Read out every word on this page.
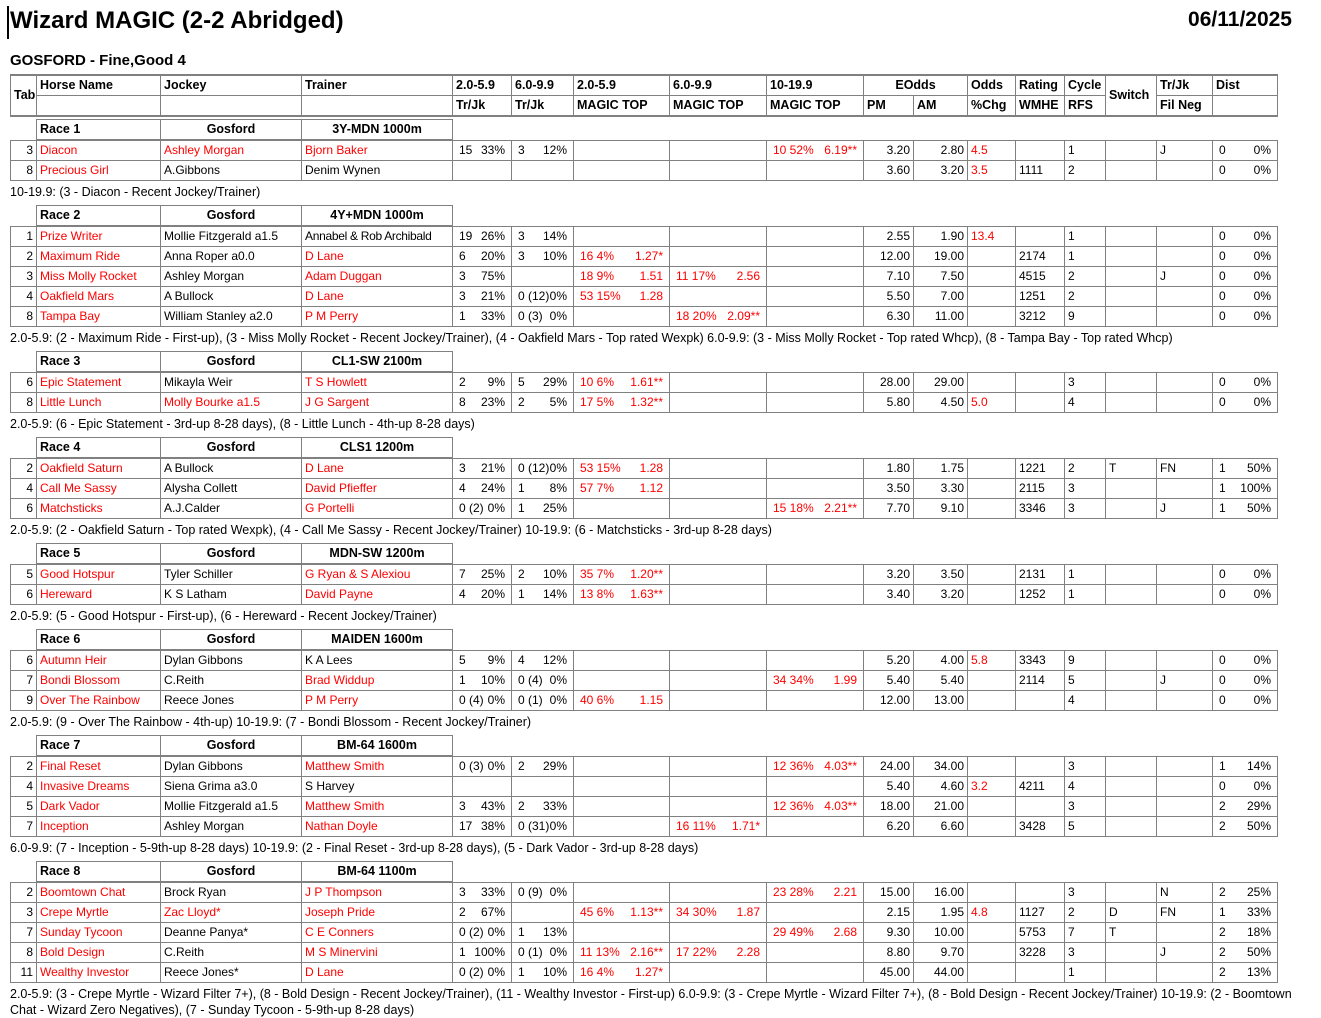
Wizard MAGIC (2-2 Abridged)	06/11/2025
GOSFORD - Fine,Good 4
Tab	Horse Name	Jockey	Trainer	2.0-5.9	6.0-9.9	2.0-5.9	6.0-9.9	10-19.9	EOdds		Odds	Rating	Cycle	Switch	Tr/Jk	Dist
				Tr/Jk	Tr/Jk	MAGIC TOP	MAGIC TOP	MAGIC TOP	PM	AM	%Chg	WMHE	RFS		Fil Neg	
	Race 1	Gosford	3Y-MDN 1000m													
3	Diacon	Ashley Morgan	Bjorn Baker	15 33%	3 12%			10 52% 6.19**	3.20	2.80	4.5		1		J	0 0%

8	Precious Girl	A.Gibbons	Denim Wynen						3.60	3.20	3.5	1111	2			0 0%
10-19.9: (3 - Diacon - Recent Jockey/Trainer)
	Race 2	Gosford	4Y+MDN 1000m													
1	Prize Writer	Mollie Fitzgerald a1.5	Annabel & Rob Archibald	19 26%	3 14%				2.55	1.90	13.4		1			0 0%

2	Maximum Ride	Anna Roper a0.0	D Lane	6 20%	3 10%	16 4% 1.27*			12.00	19.00		2174	1			0 0%

3	Miss Molly Rocket	Ashley Morgan	Adam Duggan	3 75%		18 9% 1.51	11 17% 2.56		7.10	7.50		4515	2		J	0 0%

4	Oakfield Mars	A Bullock	D Lane	3 21%	0 (12) 0%	53 15% 1.28			5.50	7.00		1251	2			0 0%

8	Tampa Bay	William Stanley a2.0	P M Perry	1 33%	0 (3) 0%		18 20% 2.09**		6.30	11.00		3212	9			0 0%
2.0-5.9: (2 - Maximum Ride - First-up), (3 - Miss Molly Rocket - Recent Jockey/Trainer), (4 - Oakfield Mars - Top rated Wexpk) 6.0-9.9: (3 - Miss Molly Rocket - Top rated Whcp), (8 - Tampa Bay - Top rated Whcp)
	Race 3	Gosford	CL1-SW 2100m													
6	Epic Statement	Mikayla Weir	T S Howlett	2 9%	5 29%	10 6% 1.61**			28.00	29.00			3			0 0%

8	Little Lunch	Molly Bourke a1.5	J G Sargent	8 23%	2 5%	17 5% 1.32**			5.80	4.50	5.0		4			0 0%
2.0-5.9: (6 - Epic Statement - 3rd-up 8-28 days), (8 - Little Lunch - 4th-up 8-28 days)
	Race 4	Gosford	CLS1 1200m													
2	Oakfield Saturn	A Bullock	D Lane	3 21%	0 (12) 0%	53 15% 1.28			1.80	1.75		1221	2	T	FN	1 50%

4	Call Me Sassy	Alysha Collett	David Pfieffer	4 24%	1 8%	57 7% 1.12			3.50	3.30		2115	3			1 100%

6	Matchsticks	A.J.Calder	G Portelli	0 (2) 0%	1 25%			15 18% 2.21**	7.70	9.10		3346	3		J	1 50%
2.0-5.9: (2 - Oakfield Saturn - Top rated Wexpk), (4 - Call Me Sassy - Recent Jockey/Trainer) 10-19.9: (6 - Matchsticks - 3rd-up 8-28 days)
	Race 5	Gosford	MDN-SW 1200m													
5	Good Hotspur	Tyler Schiller	G Ryan & S Alexiou	7 25%	2 10%	35 7% 1.20**			3.20	3.50		2131	1			0 0%

6	Hereward	K S Latham	David Payne	4 20%	1 14%	13 8% 1.63**			3.40	3.20		1252	1			0 0%
2.0-5.9: (5 - Good Hotspur - First-up), (6 - Hereward - Recent Jockey/Trainer)
	Race 6	Gosford	MAIDEN 1600m													
6	Autumn Heir	Dylan Gibbons	K A Lees	5 9%	4 12%				5.20	4.00	5.8	3343	9			0 0%

7	Bondi Blossom	C.Reith	Brad Widdup	1 10%	0 (4) 0%			34 34% 1.99	5.40	5.40		2114	5		J	0 0%

9	Over The Rainbow	Reece Jones	P M Perry	0 (4) 0%	0 (1) 0%	40 6% 1.15			12.00	13.00			4			0 0%
2.0-5.9: (9 - Over The Rainbow - 4th-up) 10-19.9: (7 - Bondi Blossom - Recent Jockey/Trainer)
	Race 7	Gosford	BM-64 1600m													
2	Final Reset	Dylan Gibbons	Matthew Smith	0 (3) 0%	2 29%			12 36% 4.03**	24.00	34.00			3			1 14%

4	Invasive Dreams	Siena Grima a3.0	S Harvey						5.40	4.60	3.2	4211	4			0 0%

5	Dark Vador	Mollie Fitzgerald a1.5	Matthew Smith	3 43%	2 33%			12 36% 4.03**	18.00	21.00			3			2 29%

7	Inception	Ashley Morgan	Nathan Doyle	17 38%	0 (31) 0%		16 11% 1.71*		6.20	6.60		3428	5			2 50%
6.0-9.9: (7 - Inception - 5-9th-up 8-28 days) 10-19.9: (2 - Final Reset - 3rd-up 8-28 days), (5 - Dark Vador - 3rd-up 8-28 days)
	Race 8	Gosford	BM-64 1100m													
2	Boomtown Chat	Brock Ryan	J P Thompson	3 33%	0 (9) 0%			23 28% 2.21	15.00	16.00			3		N	2 25%

3	Crepe Myrtle	Zac Lloyd*	Joseph Pride	2 67%		45 6% 1.13**	34 30% 1.87		2.15	1.95	4.8	1127	2	D	FN	1 33%

7	Sunday Tycoon	Deanne Panya*	C E Conners	0 (2) 0%	1 13%			29 49% 2.68	9.30	10.00		5753	7	T		2 18%

8	Bold Design	C.Reith	M S Minervini	1 100%	0 (1) 0%	11 13% 2.16**	17 22% 2.28		8.80	9.70		3228	3		J	2 50%

11	Wealthy Investor	Reece Jones*	D Lane	0 (2) 0%	1 10%	16 4% 1.27*			45.00	44.00			1			2 13%
2.0-5.9: (3 - Crepe Myrtle - Wizard Filter 7+), (8 - Bold Design - Recent Jockey/Trainer), (11 - Wealthy Investor - First-up) 6.0-9.9: (3 - Crepe Myrtle - Wizard Filter 7+), (8 - Bold Design - Recent Jockey/Trainer) 10-19.9: (2 - Boomtown Chat - Wizard Zero Negatives), (7 - Sunday Tycoon - 5-9th-up 8-28 days)
